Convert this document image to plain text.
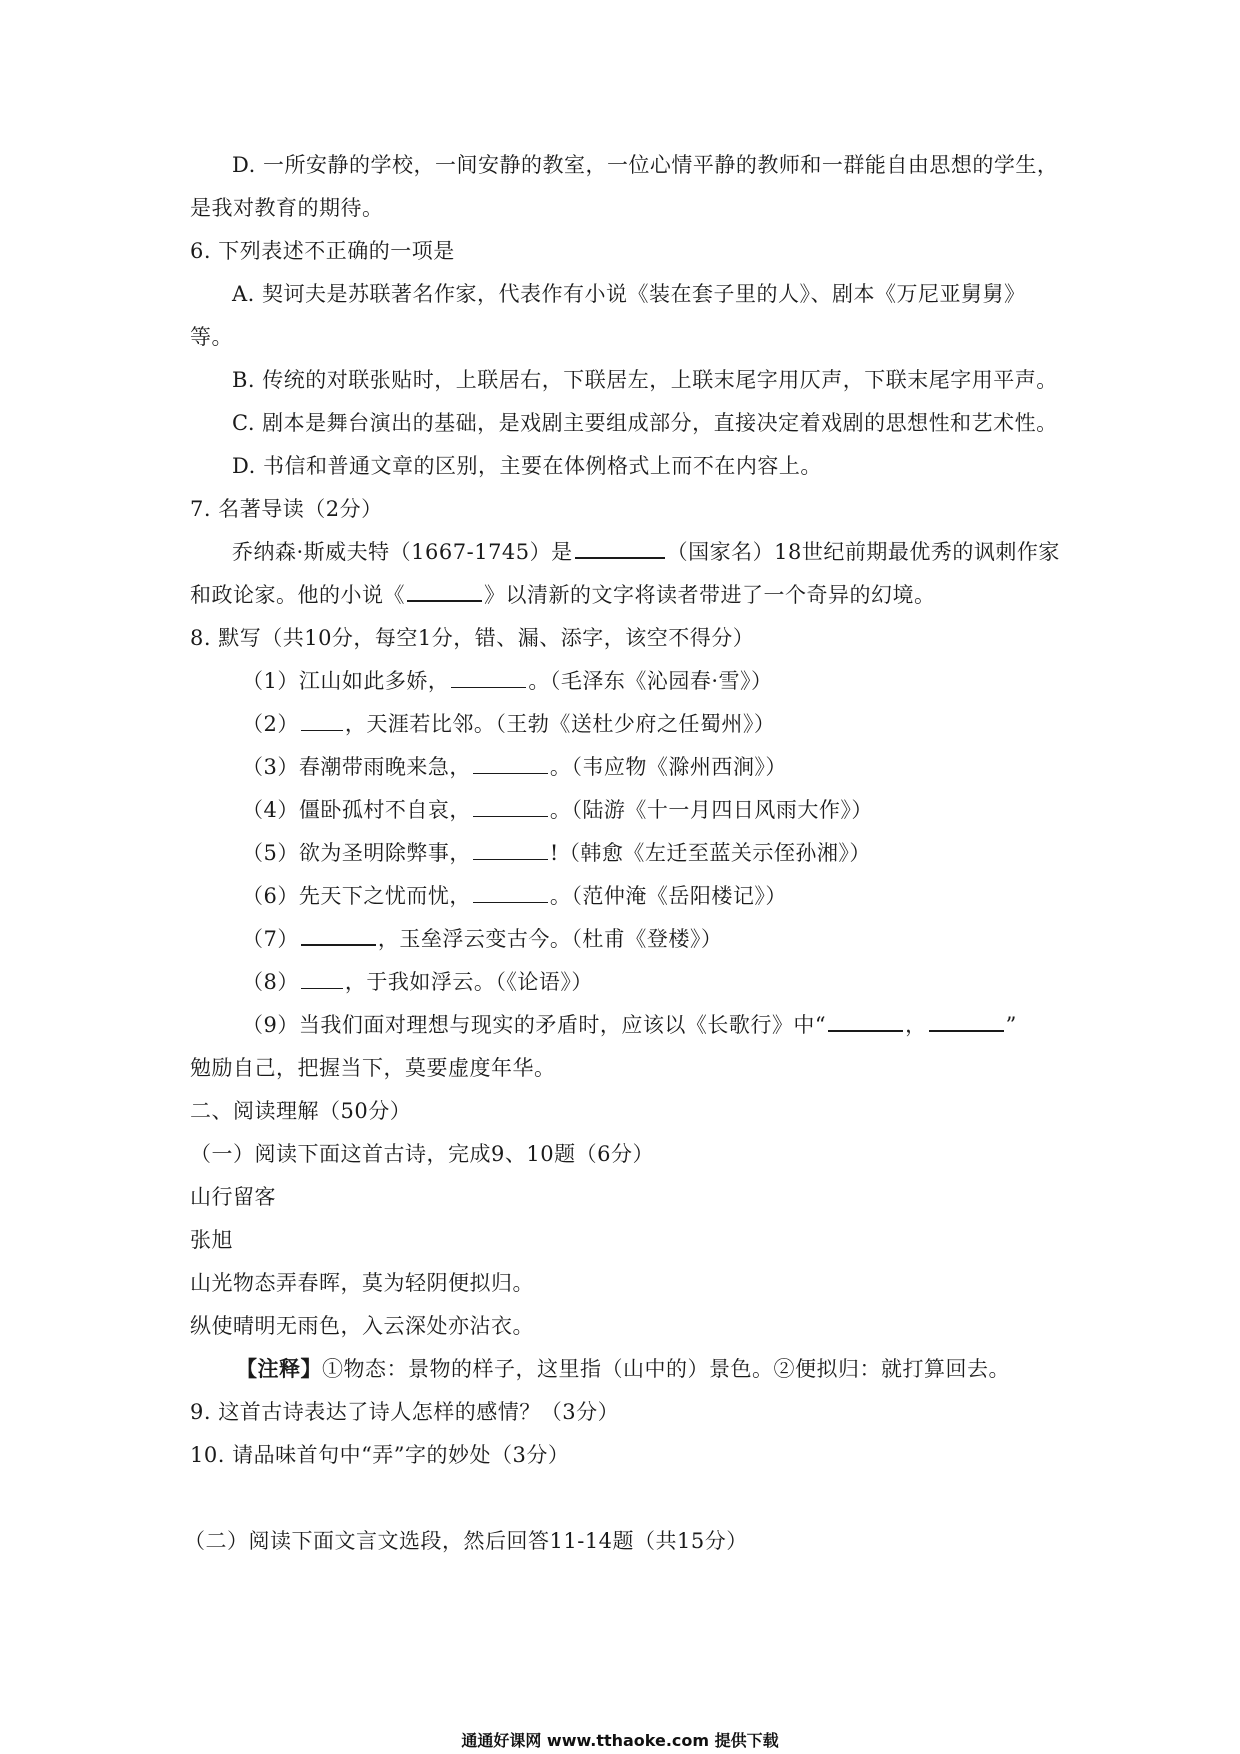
D. 一所安静的学校，一间安静的教室，一位心情平静的教师和一群能自由思想的学生，
是我对教育的期待。
6. 下列表述不正确的一项是
A. 契诃夫是苏联著名作家，代表作有小说《装在套子里的人》、剧本《万尼亚舅舅》
等。
B. 传统的对联张贴时，上联居右，下联居左，上联末尾字用仄声，下联末尾字用平声。
C. 剧本是舞台演出的基础，是戏剧主要组成部分，直接决定着戏剧的思想性和艺术性。
D. 书信和普通文章的区别，主要在体例格式上而不在内容上。
7. 名著导读（2分）
乔纳森·斯威夫特（1667-1745）是	（国家名）18世纪前期最优秀的讽刺作家
和政论家。他的小说《	》以清新的文字将读者带进了一个奇异的幻境。
8. 默写（共10分，每空1分，错、漏、添字，该空不得分）
（1）江山如此多娇，	。（毛泽东《沁园春·雪》）
（2） ，天涯若比邻。（王勃《送杜少府之任蜀州》）
（3）春潮带雨晚来急，	。（韦应物《滁州西涧》）
（4）僵卧孤村不自哀，	。（陆游《十一月四日风雨大作》）
（5）欲为圣明除弊事，	!（韩愈《左迁至蓝关示侄孙湘》）
（6）先天下之忧而忧，	。（范仲淹《岳阳楼记》）
（7）	，玉垒浮云变古今。（杜甫《登楼》）
（8） ，于我如浮云。（《论语》）
（9）当我们面对理想与现实的矛盾时，应该以《长歌行》中“	，	”
勉励自己，把握当下，莫要虚度年华。
二、阅读理解（50分）
（一）阅读下面这首古诗，完成9、10题（6分）
山行留客
张旭
山光物态弄春晖，莫为轻阴便拟归。
纵使晴明无雨色，入云深处亦沾衣。
【注释】①物态：景物的样子，这里指（山中的）景色。②便拟归：就打算回去。
9. 这首古诗表达了诗人怎样的感情？（3分）
10. 请品味首句中“弄”字的妙处（3分）
（二）阅读下面文言文选段，然后回答11-14题（共15分）
通通好课网 www.tthaoke.com 提供下载
